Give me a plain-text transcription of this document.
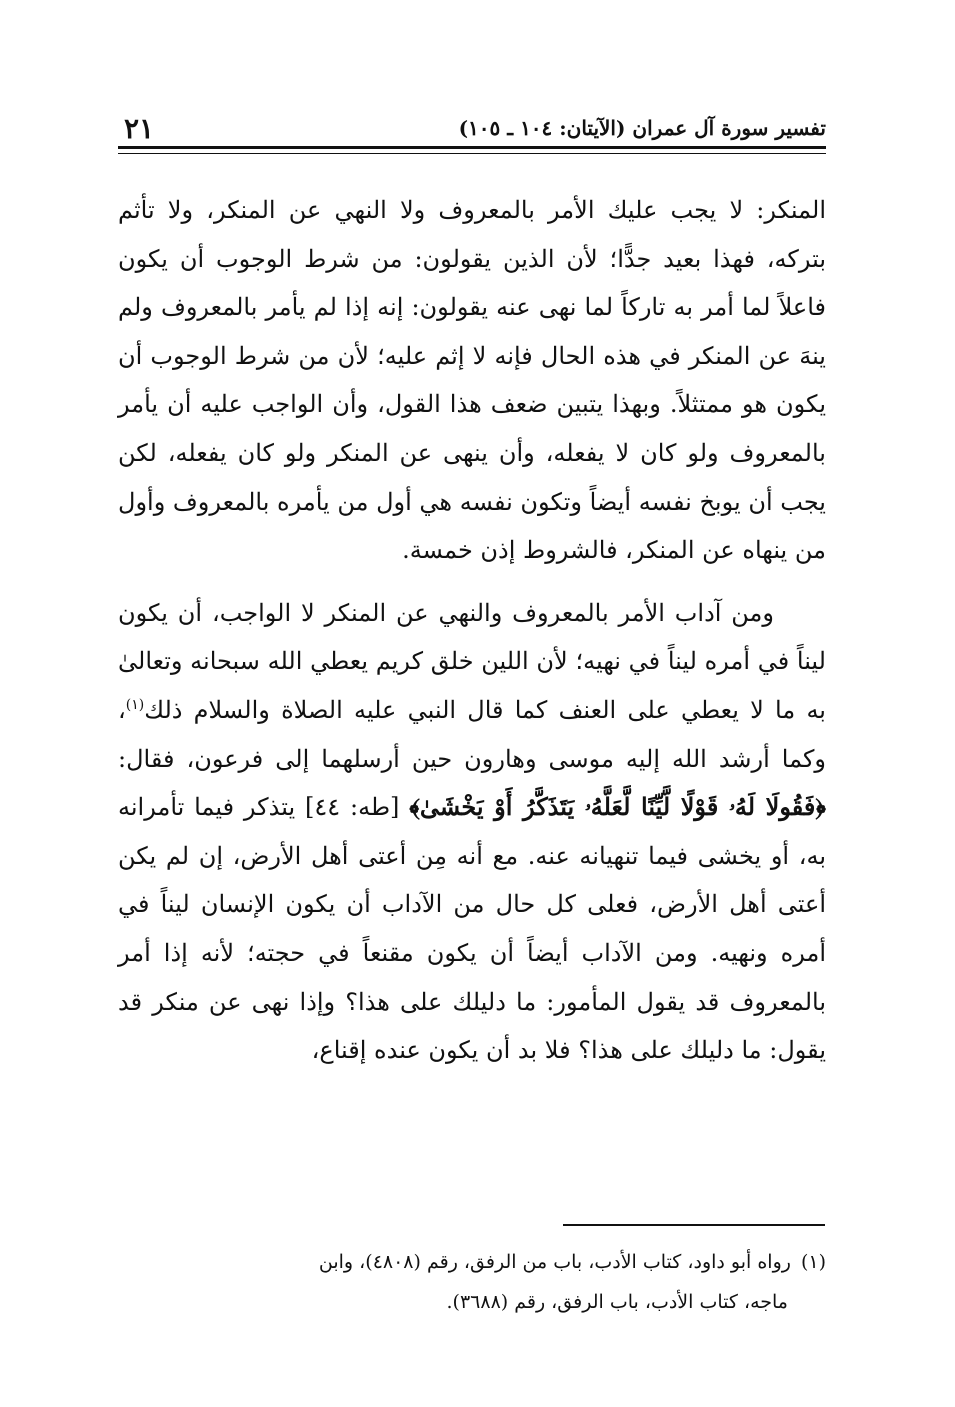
تفسير سورة آل عمران (الآيتان: ١٠٤ ـ ١٠٥)
٢١

المنكر: لا يجب عليك الأمر بالمعروف ولا النهي عن المنكر، ولا تأثم بتركه، فهذا بعيد جدًّا؛ لأن الذين يقولون: من شرط الوجوب أن يكون فاعلاً لما أمر به تاركاً لما نهى عنه يقولون: إنه إذا لم يأمر بالمعروف ولم ينهَ عن المنكر في هذه الحال فإنه لا إثم عليه؛ لأن من شرط الوجوب أن يكون هو ممتثلاً. وبهذا يتبين ضعف هذا القول، وأن الواجب عليه أن يأمر بالمعروف ولو كان لا يفعله، وأن ينهى عن المنكر ولو كان يفعله، لكن يجب أن يوبخ نفسه أيضاً وتكون نفسه هي أول من يأمره بالمعروف وأول من ينهاه عن المنكر، فالشروط إذن خمسة.

ومن آداب الأمر بالمعروف والنهي عن المنكر لا الواجب، أن يكون ليناً في أمره ليناً في نهيه؛ لأن اللين خلق كريم يعطي الله سبحانه وتعالىٰ به ما لا يعطي على العنف كما قال النبي عليه الصلاة والسلام ذلك$^{(١)}$، وكما أرشد الله إليه موسى وهارون حين أرسلهما إلى فرعون، فقال: ﴿فَقُولَا لَهُۥ قَوْلًا لَّيِّنًا لَّعَلَّهُۥ يَتَذَكَّرُ أَوْ يَخْشَىٰ﴾ [طه: ٤٤] يتذكر فيما تأمرانه به، أو يخشى فيما تنهيانه عنه. مع أنه مِن أعتى أهل الأرض، إن لم يكن أعتى أهل الأرض، فعلى كل حال من الآداب أن يكون الإنسان ليناً في أمره ونهيه. ومن الآداب أيضاً أن يكون مقنعاً في حجته؛ لأنه إذا أمر بالمعروف قد يقول المأمور: ما دليلك على هذا؟ وإذا نهى عن منكر قد يقول: ما دليلك على هذا؟ فلا بد أن يكون عنده إقناع،

(١)رواه أبو داود، كتاب الأدب، باب من الرفق، رقم (٤٨٠٨)، وابن

ماجه، كتاب الأدب، باب الرفق، رقم (٣٦٨٨).
